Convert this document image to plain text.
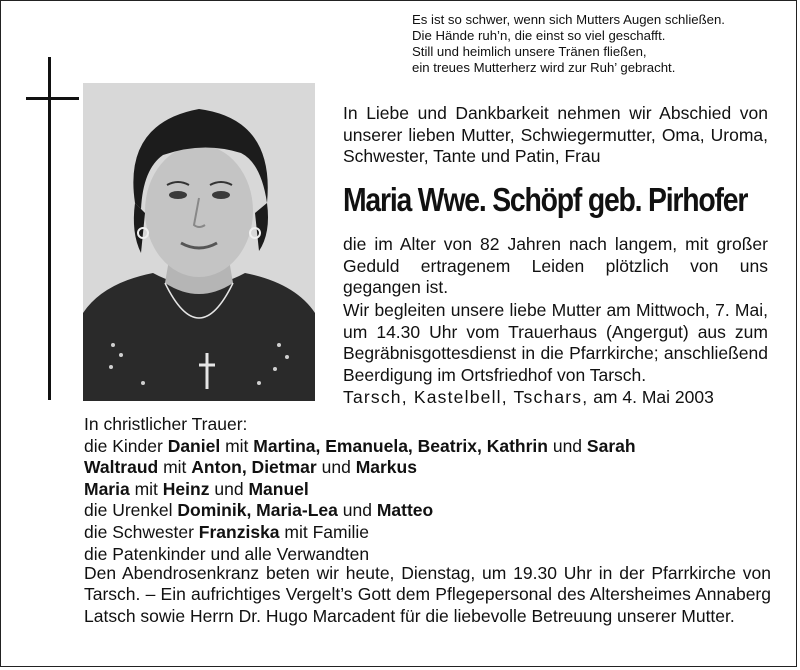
Es ist so schwer, wenn sich Mutters Augen schließen.
Die Hände ruh’n, die einst so viel geschafft.
Still und heimlich unsere Tränen fließen,
ein treues Mutterherz wird zur Ruh’ gebracht.
In Liebe und Dankbarkeit nehmen wir Abschied von unserer lieben Mutter, Schwiegermutter, Oma, Uroma, Schwester, Tante und Patin, Frau
Maria Wwe. Schöpf geb. Pirhofer
die im Alter von 82 Jahren nach langem, mit großer Geduld ertragenem Leiden plötzlich von uns gegangen ist.
Wir begleiten unsere liebe Mutter am Mittwoch, 7. Mai, um 14.30 Uhr vom Trauerhaus (Angergut) aus zum Begräbnisgottesdienst in die Pfarrkirche; anschließend Beerdigung im Ortsfriedhof von Tarsch.
Tarsch, Kastelbell, Tschars, am 4. Mai 2003
In christlicher Trauer:
die Kinder Daniel mit Martina, Emanuela, Beatrix, Kathrin und Sarah
Waltraud mit Anton, Dietmar und Markus
Maria mit Heinz und Manuel
die Urenkel Dominik, Maria-Lea und Matteo
die Schwester Franziska mit Familie
die Patenkinder und alle Verwandten
Den Abendrosenkranz beten wir heute, Dienstag, um 19.30 Uhr in der Pfarrkirche von Tarsch. – Ein aufrichtiges Vergelt’s Gott dem Pflegepersonal des Altersheimes Annaberg Latsch sowie Herrn Dr. Hugo Marcadent für die liebevolle Betreuung unserer Mutter.
